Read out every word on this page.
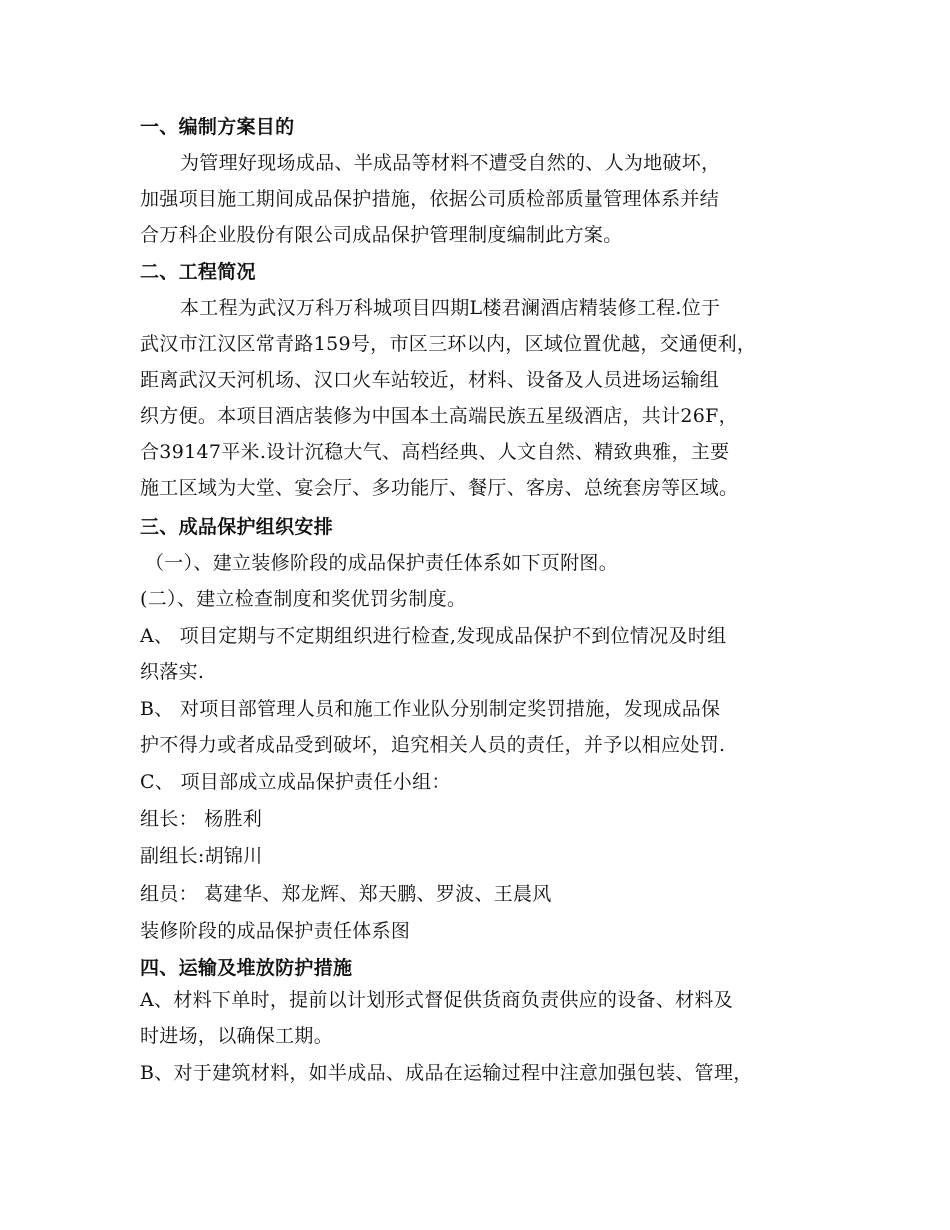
一、编制方案目的
为管理好现场成品、半成品等材料不遭受自然的、人为地破坏，
加强项目施工期间成品保护措施，依据公司质检部质量管理体系并结
合万科企业股份有限公司成品保护管理制度编制此方案。
二、工程简况
本工程为武汉万科万科城项目四期L楼君澜酒店精装修工程.位于
武汉市江汉区常青路159号，市区三环以内，区域位置优越，交通便利，
距离武汉天河机场、汉口火车站较近，材料、设备及人员进场运输组
织方便。本项目酒店装修为中国本土高端民族五星级酒店，共计26F，
合39147平米.设计沉稳大气、高档经典、人文自然、精致典雅，主要
施工区域为大堂、宴会厅、多功能厅、餐厅、客房、总统套房等区域。
三、成品保护组织安排
（一）、建立装修阶段的成品保护责任体系如下页附图。
(二）、建立检查制度和奖优罚劣制度。
A、 项目定期与不定期组织进行检查,发现成品保护不到位情况及时组
织落实.
B、 对项目部管理人员和施工作业队分别制定奖罚措施，发现成品保
护不得力或者成品受到破坏，追究相关人员的责任，并予以相应处罚.
C、 项目部成立成品保护责任小组：
组长： 杨胜利
副组长:胡锦川
组员： 葛建华、郑龙辉、郑天鹏、罗波、王晨风
装修阶段的成品保护责任体系图
四、运输及堆放防护措施
A、材料下单时，提前以计划形式督促供货商负责供应的设备、材料及
时进场，以确保工期。
B、对于建筑材料，如半成品、成品在运输过程中注意加强包装、管理，
